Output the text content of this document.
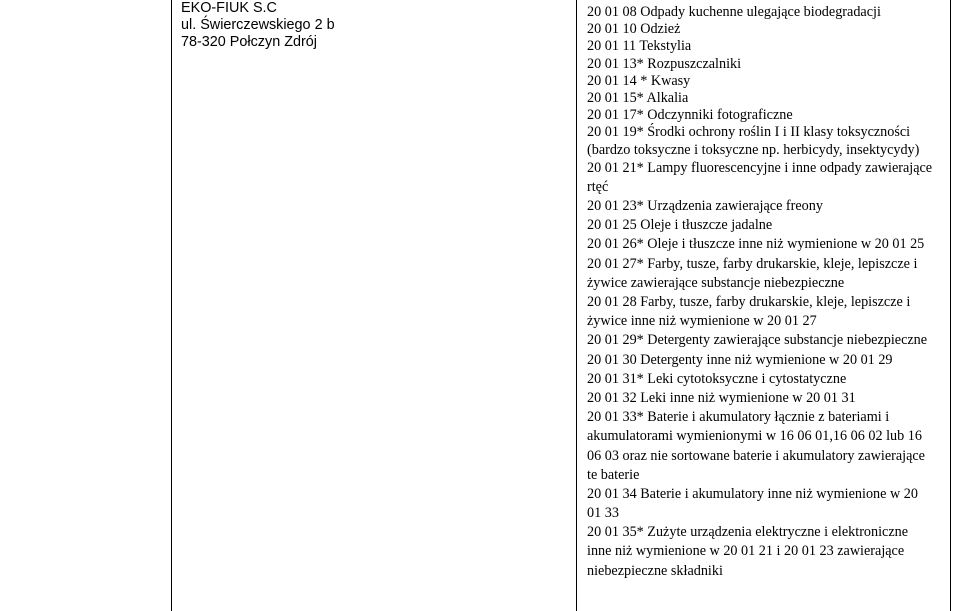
EKO-FIUK S.C
ul. Świerczewskiego 2 b
78-320 Połczyn Zdrój
20 01 08 Odpady kuchenne ulegające biodegradacji
20 01 10 Odzież
20 01 11 Tekstylia
20 01 13* Rozpuszczalniki
20 01 14 * Kwasy
20 01 15* Alkalia
20 01 17* Odczynniki fotograficzne
20 01 19* Środki ochrony roślin I i II klasy toksyczności
(bardzo toksyczne i toksyczne np. herbicydy, insektycydy)
20 01 21* Lampy fluorescencyjne i inne odpady zawierające
rtęć
20 01 23* Urządzenia zawierające freony
20 01 25 Oleje i tłuszcze jadalne
20 01 26* Oleje i tłuszcze inne niż wymienione w 20 01 25
20 01 27* Farby, tusze, farby drukarskie, kleje, lepiszcze i
żywice zawierające substancje niebezpieczne
20 01 28 Farby, tusze, farby drukarskie, kleje, lepiszcze i
żywice inne niż wymienione w 20 01 27
20 01 29* Detergenty zawierające substancje niebezpieczne
20 01 30 Detergenty inne niż wymienione w 20 01 29
20 01 31* Leki cytotoksyczne i cytostatyczne
20 01 32 Leki inne niż wymienione w 20 01 31
20 01 33* Baterie i akumulatory łącznie z bateriami i
akumulatorami wymienionymi w 16 06 01,16 06 02 lub 16
06 03 oraz nie sortowane baterie i akumulatory zawierające
te baterie
20 01 34 Baterie i akumulatory inne niż wymienione w 20
01 33
20 01 35* Zużyte urządzenia elektryczne i elektroniczne
inne niż wymienione w 20 01 21 i 20 01 23 zawierające
niebezpieczne składniki
